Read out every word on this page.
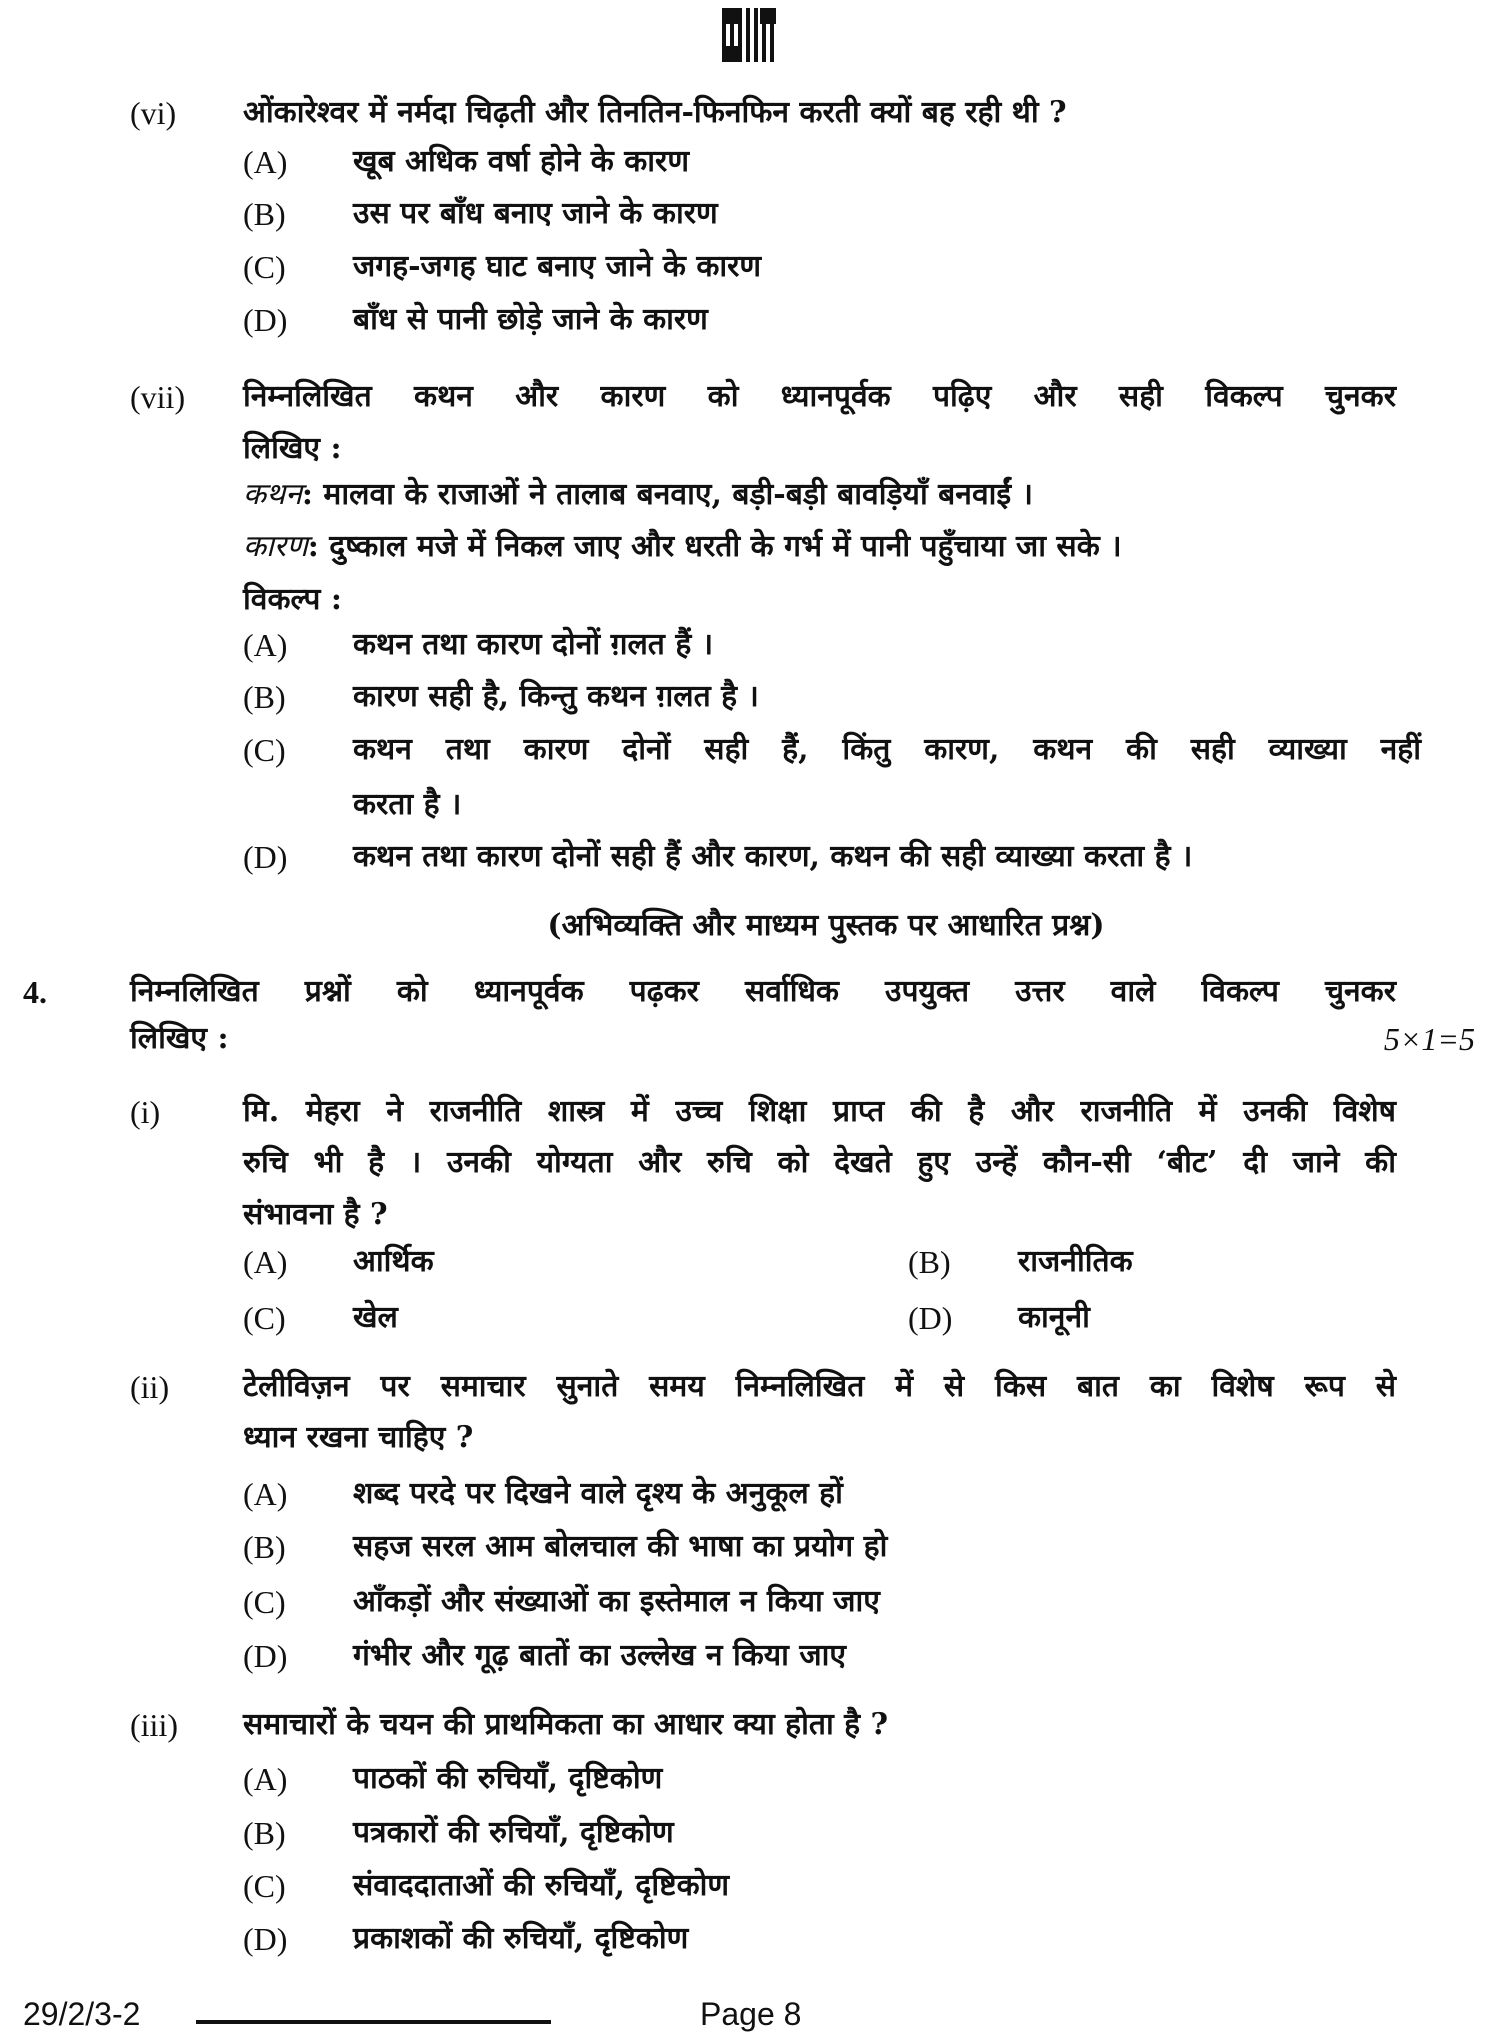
(vi) ओंकारेश्वर में नर्मदा चिढ़ती और तिनतिन-फिनफिन करती क्यों बह रही थी ?
(A) खूब अधिक वर्षा होने के कारण
(B) उस पर बाँध बनाए जाने के कारण
(C) जगह-जगह घाट बनाए जाने के कारण
(D) बाँध से पानी छोड़े जाने के कारण
(vii) निम्नलिखित कथन और कारण को ध्यानपूर्वक पढ़िए और सही विकल्प चुनकर
लिखिए :
कथन: मालवा के राजाओं ने तालाब बनवाए, बड़ी-बड़ी बावड़ियाँ बनवाईं ।
कारण: दुष्काल मजे में निकल जाए और धरती के गर्भ में पानी पहुँचाया जा सके ।
विकल्प :
(A) कथन तथा कारण दोनों ग़लत हैं ।
(B) कारण सही है, किन्तु कथन ग़लत है ।
(C) कथन तथा कारण दोनों सही हैं, किंतु कारण, कथन की सही व्याख्या नहीं
करता है ।
(D) कथन तथा कारण दोनों सही हैं और कारण, कथन की सही व्याख्या करता है ।
(अभिव्यक्ति और माध्यम पुस्तक पर आधारित प्रश्न)
4.	निम्नलिखित प्रश्नों को ध्यानपूर्वक पढ़कर सर्वाधिक उपयुक्त उत्तर वाले विकल्प चुनकर
लिखिए :	5×1=5
(i)	मि. मेहरा ने राजनीति शास्त्र में उच्च शिक्षा प्राप्त की है और राजनीति में उनकी विशेष
रुचि भी है । उनकी योग्यता और रुचि को देखते हुए उन्हें कौन-सी ‘बीट’ दी जाने की
संभावना है ?
(A) आर्थिक	(B) राजनीतिक
(C) खेल	(D) कानूनी
(ii) टेलीविज़न पर समाचार सुनाते समय निम्नलिखित में से किस बात का विशेष रूप से
ध्यान रखना चाहिए ?
(A) शब्द परदे पर दिखने वाले दृश्य के अनुकूल हों
(B) सहज सरल आम बोलचाल की भाषा का प्रयोग हो
(C) आँकड़ों और संख्याओं का इस्तेमाल न किया जाए
(D) गंभीर और गूढ़ बातों का उल्लेख न किया जाए
(iii) समाचारों के चयन की प्राथमिकता का आधार क्या होता है ?
(A) पाठकों की रुचियाँ, दृष्टिकोण
(B) पत्रकारों की रुचियाँ, दृष्टिकोण
(C) संवाददाताओं की रुचियाँ, दृष्टिकोण
(D) प्रकाशकों की रुचियाँ, दृष्टिकोण
29/2/3-2	Page 8
